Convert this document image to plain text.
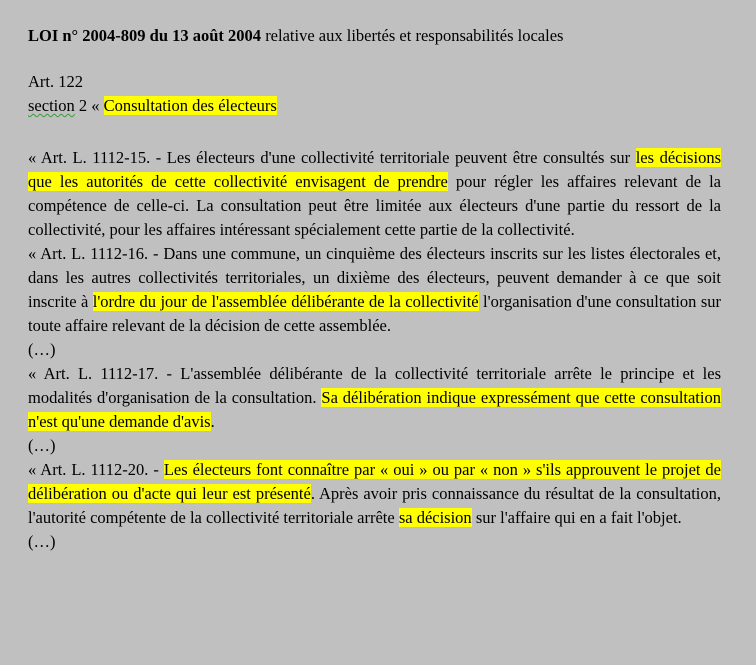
LOI n° 2004-809 du 13 août 2004 relative aux libertés et responsabilités locales

Art. 122

section 2 « Consultation des électeurs

« Art. L. 1112-15. - Les électeurs d'une collectivité territoriale peuvent être consultés sur les décisions que les autorités de cette collectivité envisagent de prendre pour régler les affaires relevant de la compétence de celle-ci. La consultation peut être limitée aux électeurs d'une partie du ressort de la collectivité, pour les affaires intéressant spécialement cette partie de la collectivité.

« Art. L. 1112-16. - Dans une commune, un cinquième des électeurs inscrits sur les listes électorales et, dans les autres collectivités territoriales, un dixième des électeurs, peuvent demander à ce que soit inscrite à l'ordre du jour de l'assemblée délibérante de la collectivité l'organisation d'une consultation sur toute affaire relevant de la décision de cette assemblée.

(…)

« Art. L. 1112-17. - L'assemblée délibérante de la collectivité territoriale arrête le principe et les modalités d'organisation de la consultation. Sa délibération indique expressément que cette consultation n'est qu'une demande d'avis.

(…)

« Art. L. 1112-20. - Les électeurs font connaître par « oui » ou par « non » s'ils approuvent le projet de délibération ou d'acte qui leur est présenté. Après avoir pris connaissance du résultat de la consultation, l'autorité compétente de la collectivité territoriale arrête sa décision sur l'affaire qui en a fait l'objet.

(…)
